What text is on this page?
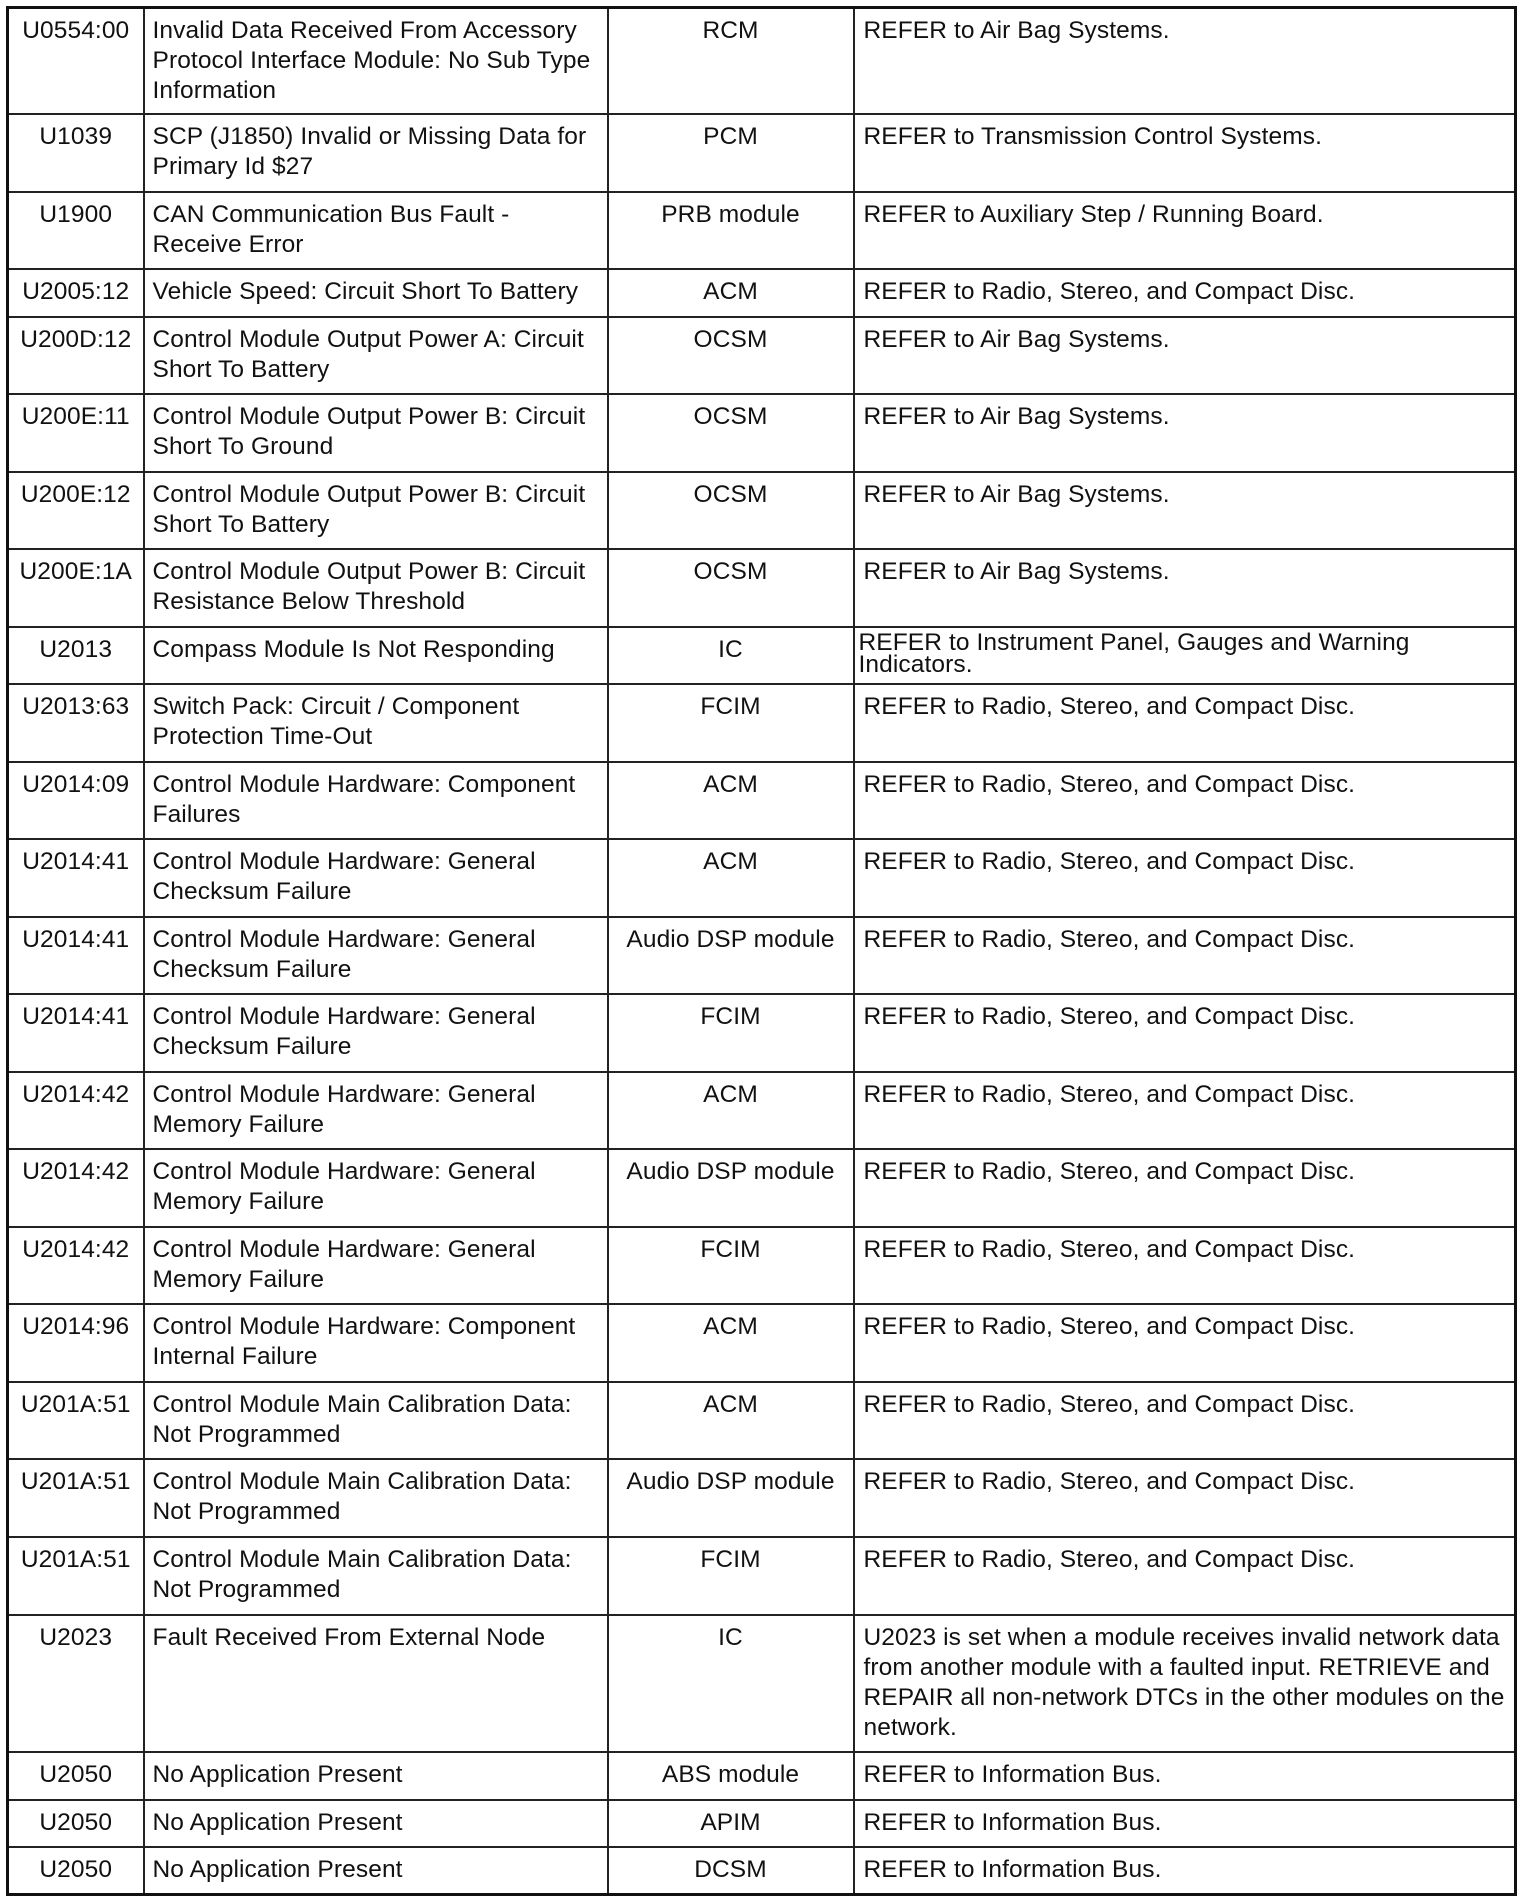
U0554:00	Invalid Data Received From Accessory Protocol Interface Module: No Sub Type Information	RCM	REFER to Air Bag Systems.
U1039	SCP (J1850) Invalid or Missing Data for Primary Id $27	PCM	REFER to Transmission Control Systems.
U1900	CAN Communication Bus Fault - Receive Error	PRB module	REFER to Auxiliary Step / Running Board.
U2005:12	Vehicle Speed: Circuit Short To Battery	ACM	REFER to Radio, Stereo, and Compact Disc.
U200D:12	Control Module Output Power A: Circuit Short To Battery	OCSM	REFER to Air Bag Systems.
U200E:11	Control Module Output Power B: Circuit Short To Ground	OCSM	REFER to Air Bag Systems.
U200E:12	Control Module Output Power B: Circuit Short To Battery	OCSM	REFER to Air Bag Systems.
U200E:1A	Control Module Output Power B: Circuit Resistance Below Threshold	OCSM	REFER to Air Bag Systems.
U2013	Compass Module Is Not Responding	IC	REFER to Instrument Panel, Gauges and Warning Indicators.
U2013:63	Switch Pack: Circuit / Component Protection Time-Out	FCIM	REFER to Radio, Stereo, and Compact Disc.
U2014:09	Control Module Hardware: Component Failures	ACM	REFER to Radio, Stereo, and Compact Disc.
U2014:41	Control Module Hardware: General Checksum Failure	ACM	REFER to Radio, Stereo, and Compact Disc.
U2014:41	Control Module Hardware: General Checksum Failure	Audio DSP module	REFER to Radio, Stereo, and Compact Disc.
U2014:41	Control Module Hardware: General Checksum Failure	FCIM	REFER to Radio, Stereo, and Compact Disc.
U2014:42	Control Module Hardware: General Memory Failure	ACM	REFER to Radio, Stereo, and Compact Disc.
U2014:42	Control Module Hardware: General Memory Failure	Audio DSP module	REFER to Radio, Stereo, and Compact Disc.
U2014:42	Control Module Hardware: General Memory Failure	FCIM	REFER to Radio, Stereo, and Compact Disc.
U2014:96	Control Module Hardware: Component Internal Failure	ACM	REFER to Radio, Stereo, and Compact Disc.
U201A:51	Control Module Main Calibration Data: Not Programmed	ACM	REFER to Radio, Stereo, and Compact Disc.
U201A:51	Control Module Main Calibration Data: Not Programmed	Audio DSP module	REFER to Radio, Stereo, and Compact Disc.
U201A:51	Control Module Main Calibration Data: Not Programmed	FCIM	REFER to Radio, Stereo, and Compact Disc.
U2023	Fault Received From External Node	IC	U2023 is set when a module receives invalid network data from another module with a faulted input. RETRIEVE and REPAIR all non-network DTCs in the other modules on the network.
U2050	No Application Present	ABS module	REFER to Information Bus.
U2050	No Application Present	APIM	REFER to Information Bus.
U2050	No Application Present	DCSM	REFER to Information Bus.
